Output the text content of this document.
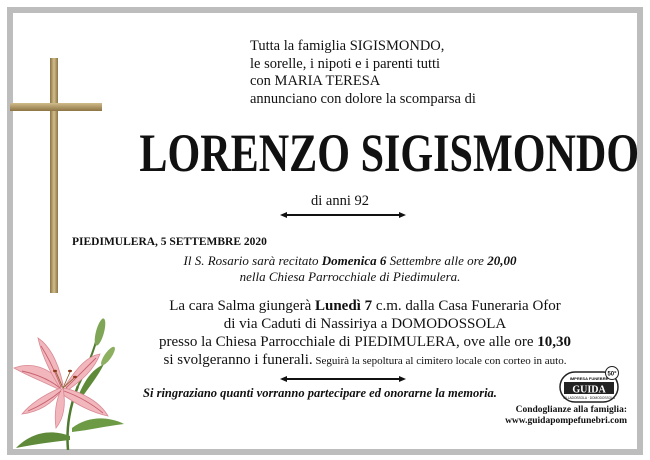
Tutta la famiglia SIGISMONDO,
le sorelle, i nipoti e i parenti tutti
con MARIA TERESA
annunciano con dolore la scomparsa di
LORENZO SIGISMONDO
di anni 92
PIEDIMULERA, 5 SETTEMBRE 2020
Il S. Rosario sarà recitato Domenica 6 Settembre alle ore 20,00
nella Chiesa Parrocchiale di Piedimulera.
La cara Salma giungerà Lunedì 7 c.m. dalla Casa Funeraria Ofor
di via Caduti di Nassiriya a DOMODOSSOLA
presso la Chiesa Parrocchiale di PIEDIMULERA, ove alle ore 10,30
si svolgeranno i funerali. Seguirà la sepoltura al cimitero locale con corteo in auto.
Si ringraziano quanti vorranno partecipare ed onorarne la memoria.
50°
IMPRESA FUNEBRE
GUIDA
VILLADOSSOLA · DOMODOSSOLA
Condoglianze alla famiglia:
www.guidapompefunebri.com
